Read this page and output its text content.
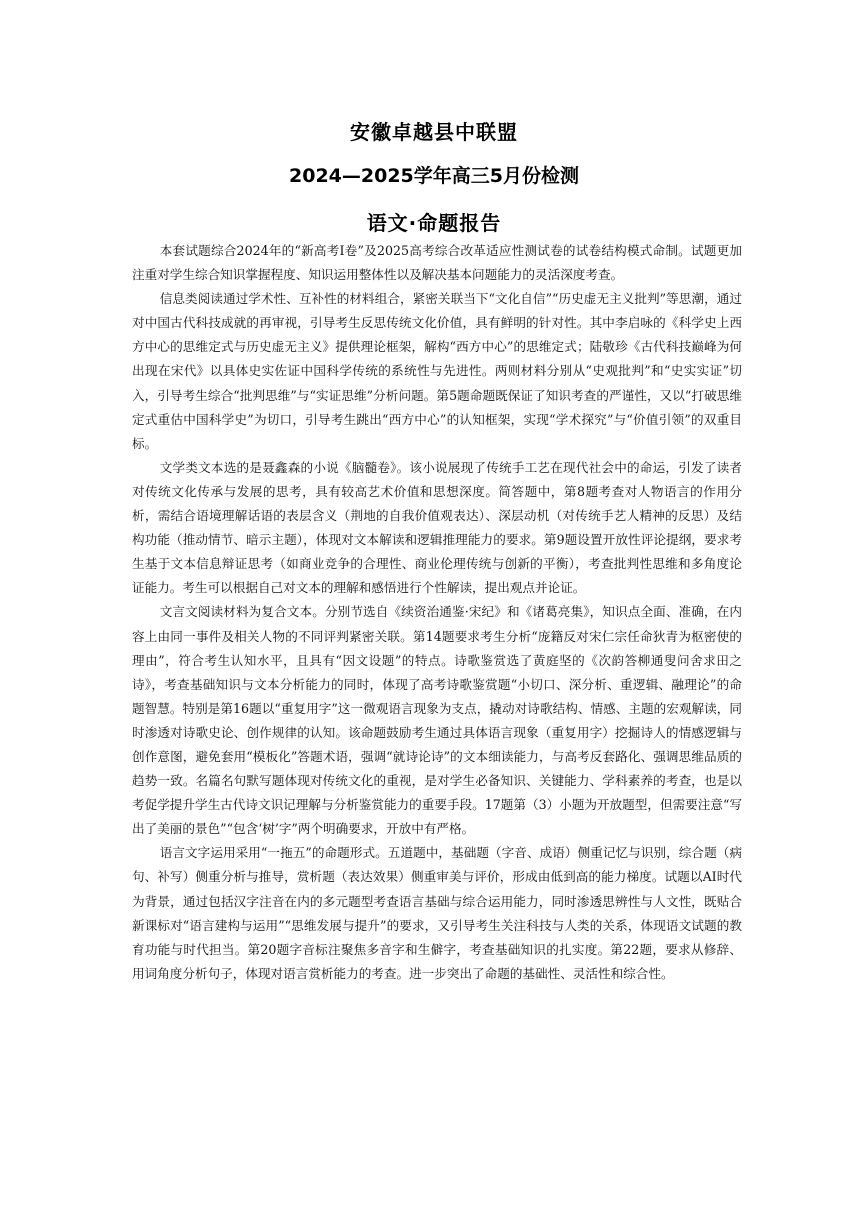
安徽卓越县中联盟
2024—2025学年高三5月份检测
语文·命题报告

本套试题综合2024年的“新高考I卷”及2025高考综合改革适应性测试卷的试卷结构模式命制。试题更加注重对学生综合知识掌握程度、知识运用整体性以及解决基本问题能力的灵活深度考查。

信息类阅读通过学术性、互补性的材料组合，紧密关联当下“文化自信”“历史虚无主义批判”等思潮，通过对中国古代科技成就的再审视，引导考生反思传统文化价值，具有鲜明的针对性。其中李启咏的《科学史上西方中心的思维定式与历史虚无主义》提供理论框架，解构“西方中心”的思维定式；陆敬珍《古代科技巅峰为何出现在宋代》以具体史实佐证中国科学传统的系统性与先进性。两则材料分别从“史观批判”和“史实实证”切入，引导考生综合“批判思维”与“实证思维”分析问题。第5题命题既保证了知识考查的严谨性，又以“打破思维定式重估中国科学史”为切口，引导考生跳出“西方中心”的认知框架，实现“学术探究”与“价值引领”的双重目标。

文学类文本选的是聂鑫森的小说《脑髓卷》。该小说展现了传统手工艺在现代社会中的命运，引发了读者对传统文化传承与发展的思考，具有较高艺术价值和思想深度。简答题中，第8题考查对人物语言的作用分析，需结合语境理解话语的表层含义（荆地的自我价值观表达）、深层动机（对传统手艺人精神的反思）及结构功能（推动情节、暗示主题），体现对文本解读和逻辑推理能力的要求。第9题设置开放性评论提纲，要求考生基于文本信息辩证思考（如商业竞争的合理性、商业伦理传统与创新的平衡），考查批判性思维和多角度论证能力。考生可以根据自己对文本的理解和感悟进行个性解读，提出观点并论证。

文言文阅读材料为复合文本。分别节选自《续资治通鉴·宋纪》和《诸葛亮集》，知识点全面、准确，在内容上由同一事件及相关人物的不同评判紧密关联。第14题要求考生分析“庞籍反对宋仁宗任命狄青为枢密使的理由”，符合考生认知水平，且具有“因文设题”的特点。诗歌鉴赏选了黄庭坚的《次韵答柳通叟问舍求田之诗》，考查基础知识与文本分析能力的同时，体现了高考诗歌鉴赏题“小切口、深分析、重逻辑、融理论”的命题智慧。特别是第16题以“重复用字”这一微观语言现象为支点，撬动对诗歌结构、情感、主题的宏观解读，同时渗透对诗歌史论、创作规律的认知。该命题鼓励考生通过具体语言现象（重复用字）挖掘诗人的情感逻辑与创作意图，避免套用“模板化”答题术语，强调“就诗论诗”的文本细读能力，与高考反套路化、强调思维品质的趋势一致。名篇名句默写题体现对传统文化的重视，是对学生必备知识、关键能力、学科素养的考查，也是以考促学提升学生古代诗文识记理解与分析鉴赏能力的重要手段。17题第（3）小题为开放题型，但需要注意“写出了美丽的景色”“包含‘树’字”两个明确要求，开放中有严格。

语言文字运用采用“一拖五”的命题形式。五道题中，基础题（字音、成语）侧重记忆与识别，综合题（病句、补写）侧重分析与推导，赏析题（表达效果）侧重审美与评价，形成由低到高的能力梯度。试题以AI时代为背景，通过包括汉字注音在内的多元题型考查语言基础与综合运用能力，同时渗透思辨性与人文性，既贴合新课标对“语言建构与运用”“思维发展与提升”的要求，又引导考生关注科技与人类的关系，体现语文试题的教育功能与时代担当。第20题字音标注聚焦多音字和生僻字，考查基础知识的扎实度。第22题，要求从修辞、用词角度分析句子，体现对语言赏析能力的考查。进一步突出了命题的基础性、灵活性和综合性。
